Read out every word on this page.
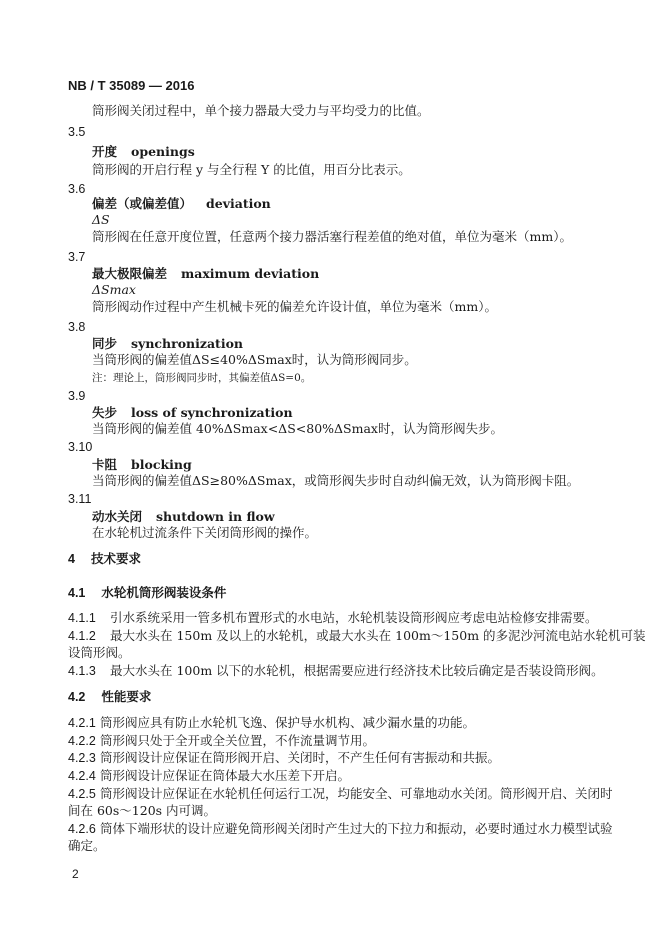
NB / T 35089 — 2016
筒形阀关闭过程中，单个接力器最大受力与平均受力的比值。
3.5
开度 openings
筒形阀的开启行程 y 与全行程 Y 的比值，用百分比表示。
3.6
偏差（或偏差值） deviation
ΔS
筒形阀在任意开度位置，任意两个接力器活塞行程差值的绝对值，单位为毫米（mm）。
3.7
最大极限偏差 maximum deviation
ΔSmax
筒形阀动作过程中产生机械卡死的偏差允许设计值，单位为毫米（mm）。
3.8
同步 synchronization
当筒形阀的偏差值ΔS≤40%ΔSmax时，认为筒形阀同步。
注：理论上，筒形阀同步时，其偏差值ΔS=0。
3.9
失步 loss of synchronization
当筒形阀的偏差值 40%ΔSmax<ΔS<80%ΔSmax时，认为筒形阀失步。
3.10
卡阻 blocking
当筒形阀的偏差值ΔS≥80%ΔSmax，或筒形阀失步时自动纠偏无效，认为筒形阀卡阻。
3.11
动水关闭 shutdown in flow
在水轮机过流条件下关闭筒形阀的操作。
4 技术要求
4.1 水轮机筒形阀装设条件
4.1.1 引水系统采用一管多机布置形式的水电站，水轮机装设筒形阀应考虑电站检修安排需要。
4.1.2 最大水头在 150m 及以上的水轮机，或最大水头在 100m～150m 的多泥沙河流电站水轮机可装
设筒形阀。
4.1.3 最大水头在 100m 以下的水轮机，根据需要应进行经济技术比较后确定是否装设筒形阀。
4.2 性能要求
4.2.1 筒形阀应具有防止水轮机飞逸、保护导水机构、减少漏水量的功能。
4.2.2 筒形阀只处于全开或全关位置，不作流量调节用。
4.2.3 筒形阀设计应保证在筒形阀开启、关闭时，不产生任何有害振动和共振。
4.2.4 筒形阀设计应保证在筒体最大水压差下开启。
4.2.5 筒形阀设计应保证在水轮机任何运行工况，均能安全、可靠地动水关闭。筒形阀开启、关闭时
间在 60s～120s 内可调。
4.2.6 筒体下端形状的设计应避免筒形阀关闭时产生过大的下拉力和振动，必要时通过水力模型试验
确定。
2
